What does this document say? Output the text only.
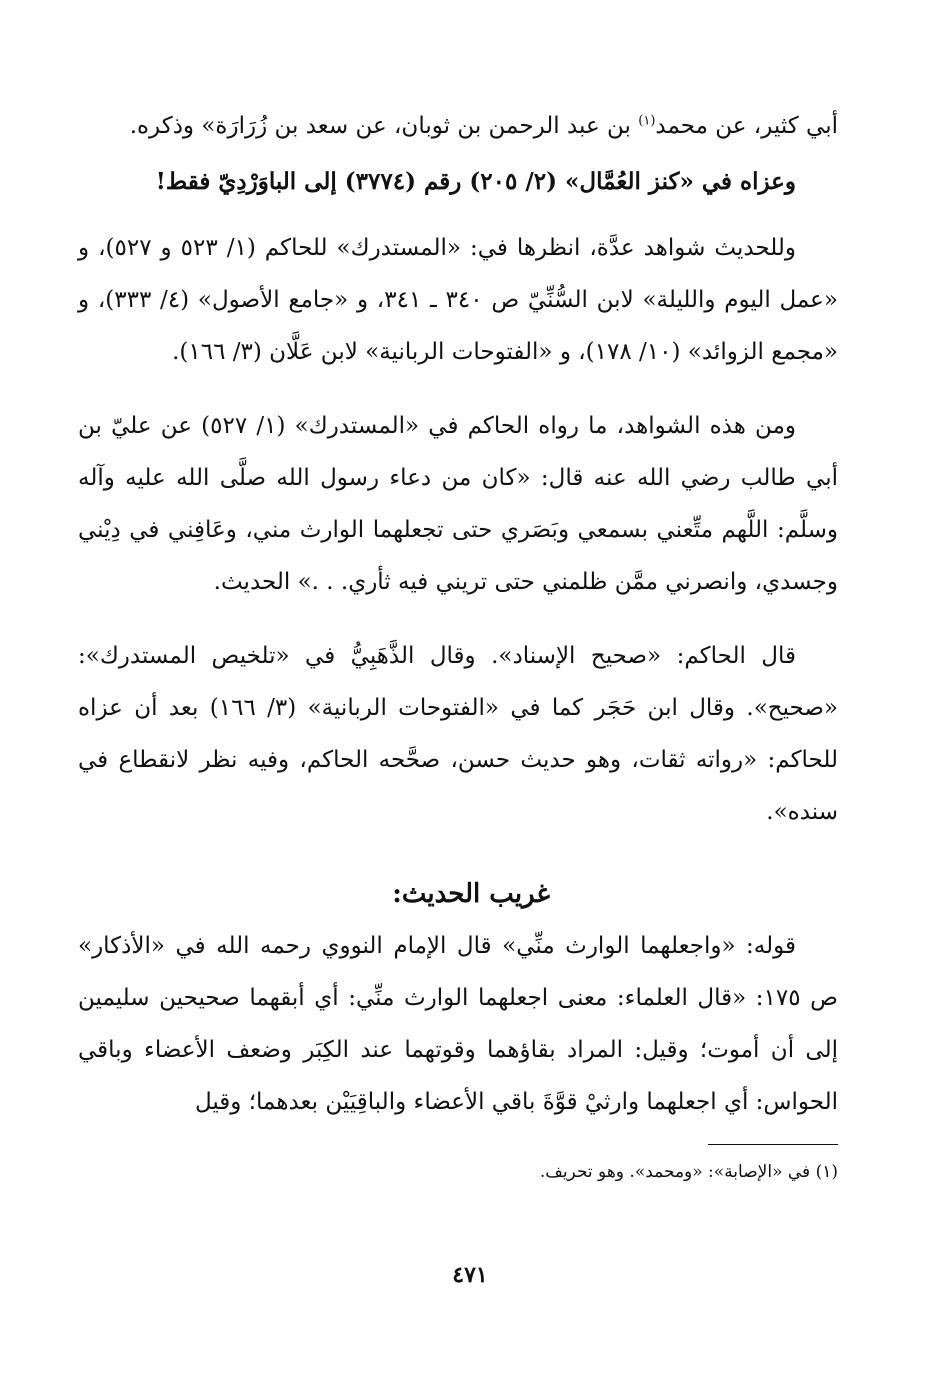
أبي كثير، عن محمد$^{(١)}$ بن عبد الرحمن بن ثوبان، عن سعد بن زُرَارَة» وذكره.

وعزاه في «كنز العُمَّال» (٢/ ٢٠٥) رقم (٣٧٧٤) إلى الباوَرْدِيّ فقط!

وللحديث شواهد عدَّة، انظرها في: «المستدرك» للحاكم (١/ ٥٢٣ و ٥٢٧)، و «عمل اليوم والليلة» لابن السُّنِّيّ ص ٣٤٠ ـ ٣٤١، و «جامع الأصول» (٤/ ٣٣٣)، و «مجمع الزوائد» (١٠/ ١٧٨)، و «الفتوحات الربانية» لابن عَلَّان (٣/ ١٦٦).

ومن هذه الشواهد، ما رواه الحاكم في «المستدرك» (١/ ٥٢٧) عن عليّ بن أبي طالب رضي الله عنه قال: «كان من دعاء رسول الله صلَّى الله عليه وآله وسلَّم: اللَّهم متِّعني بسمعي وبَصَري حتى تجعلهما الوارث مني، وعَافِني في دِيْني وجسدي، وانصرني ممَّن ظلمني حتى تريني فيه ثأري. . .» الحديث.

قال الحاكم: «صحيح الإسناد». وقال الذَّهَبِيُّ في «تلخيص المستدرك»: «صحيح». وقال ابن حَجَر كما في «الفتوحات الربانية» (٣/ ١٦٦) بعد أن عزاه للحاكم: «رواته ثقات، وهو حديث حسن، صحَّحه الحاكم، وفيه نظر لانقطاع في سنده».

غريب الحديث:

قوله: «واجعلهما الوارث منِّي» قال الإمام النووي رحمه الله في «الأذكار» ص ١٧٥: «قال العلماء: معنى اجعلهما الوارث منِّي: أي أبقهما صحيحين سليمين إلى أن أموت؛ وقيل: المراد بقاؤهما وقوتهما عند الكِبَر وضعف الأعضاء وباقي الحواس: أي اجعلهما وارثيْ قوَّةَ باقي الأعضاء والباقِيَيْن بعدهما؛ وقيل

(١) في «الإصابة»: «ومحمد». وهو تحريف.

٤٧١
